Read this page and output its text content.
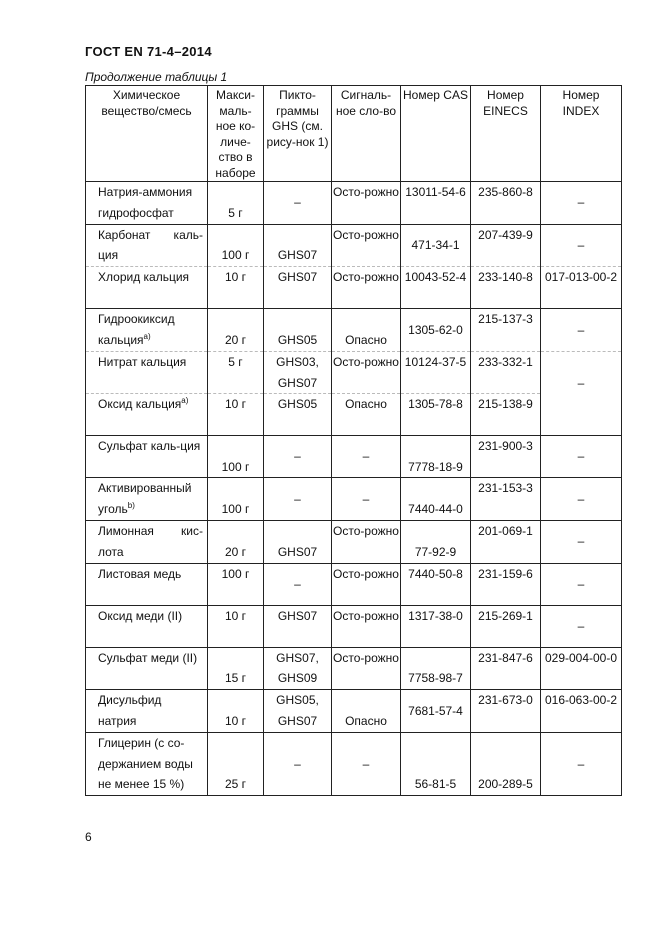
ГОСТ EN 71-4–2014
Продолжение таблицы 1
Химическое вещество/смесь	Макси-маль-ное ко-личе-ство в наборе	Пикто-граммы GHS (см. рису-нок 1)	Сигналь-ное сло-во	Номер CAS	Номер EINECS	Номер INDEX

Натрия-аммония гидрофосфат	5 г	–	Осто-рожно	13011-54-6	235-860-8	–
Карбонат каль-ция	100 г	GHS07	Осто-рожно	471-34-1	207-439-9	–
Хлорид кальция	10 г	GHS07	Осто-рожно	10043-52-4	233-140-8	017-013-00-2
Гидроокиксид кальция$^{a)}$	20 г	GHS05	Опасно	1305-62-0	215-137-3	–
Нитрат кальция	5 г	GHS03, GHS07	Осто-рожно	10124-37-5	233-332-1	–
Оксид кальция$^{a)}$	10 г	GHS05	Опасно	1305-78-8	215-138-9	
Сульфат каль-ция	100 г	–	–	7778-18-9	231-900-3	–
Активированный уголь$^{b)}$	100 г	–	–	7440-44-0	231-153-3	–
Лимонная кис-лота	20 г	GHS07	Осто-рожно	77-92-9	201-069-1	–
Листовая медь	100 г	–	Осто-рожно	7440-50-8	231-159-6	–
Оксид меди (II)	10 г	GHS07	Осто-рожно	1317-38-0	215-269-1	–
Сульфат меди (II)	15 г	GHS07, GHS09	Осто-рожно	7758-98-7	231-847-6	029-004-00-0
Дисульфид натрия	10 г	GHS05, GHS07	Опасно	7681-57-4	231-673-0	016-063-00-2
Глицерин (с со-держанием воды не менее 15 %)	25 г	–	–	56-81-5	200-289-5	–
6
